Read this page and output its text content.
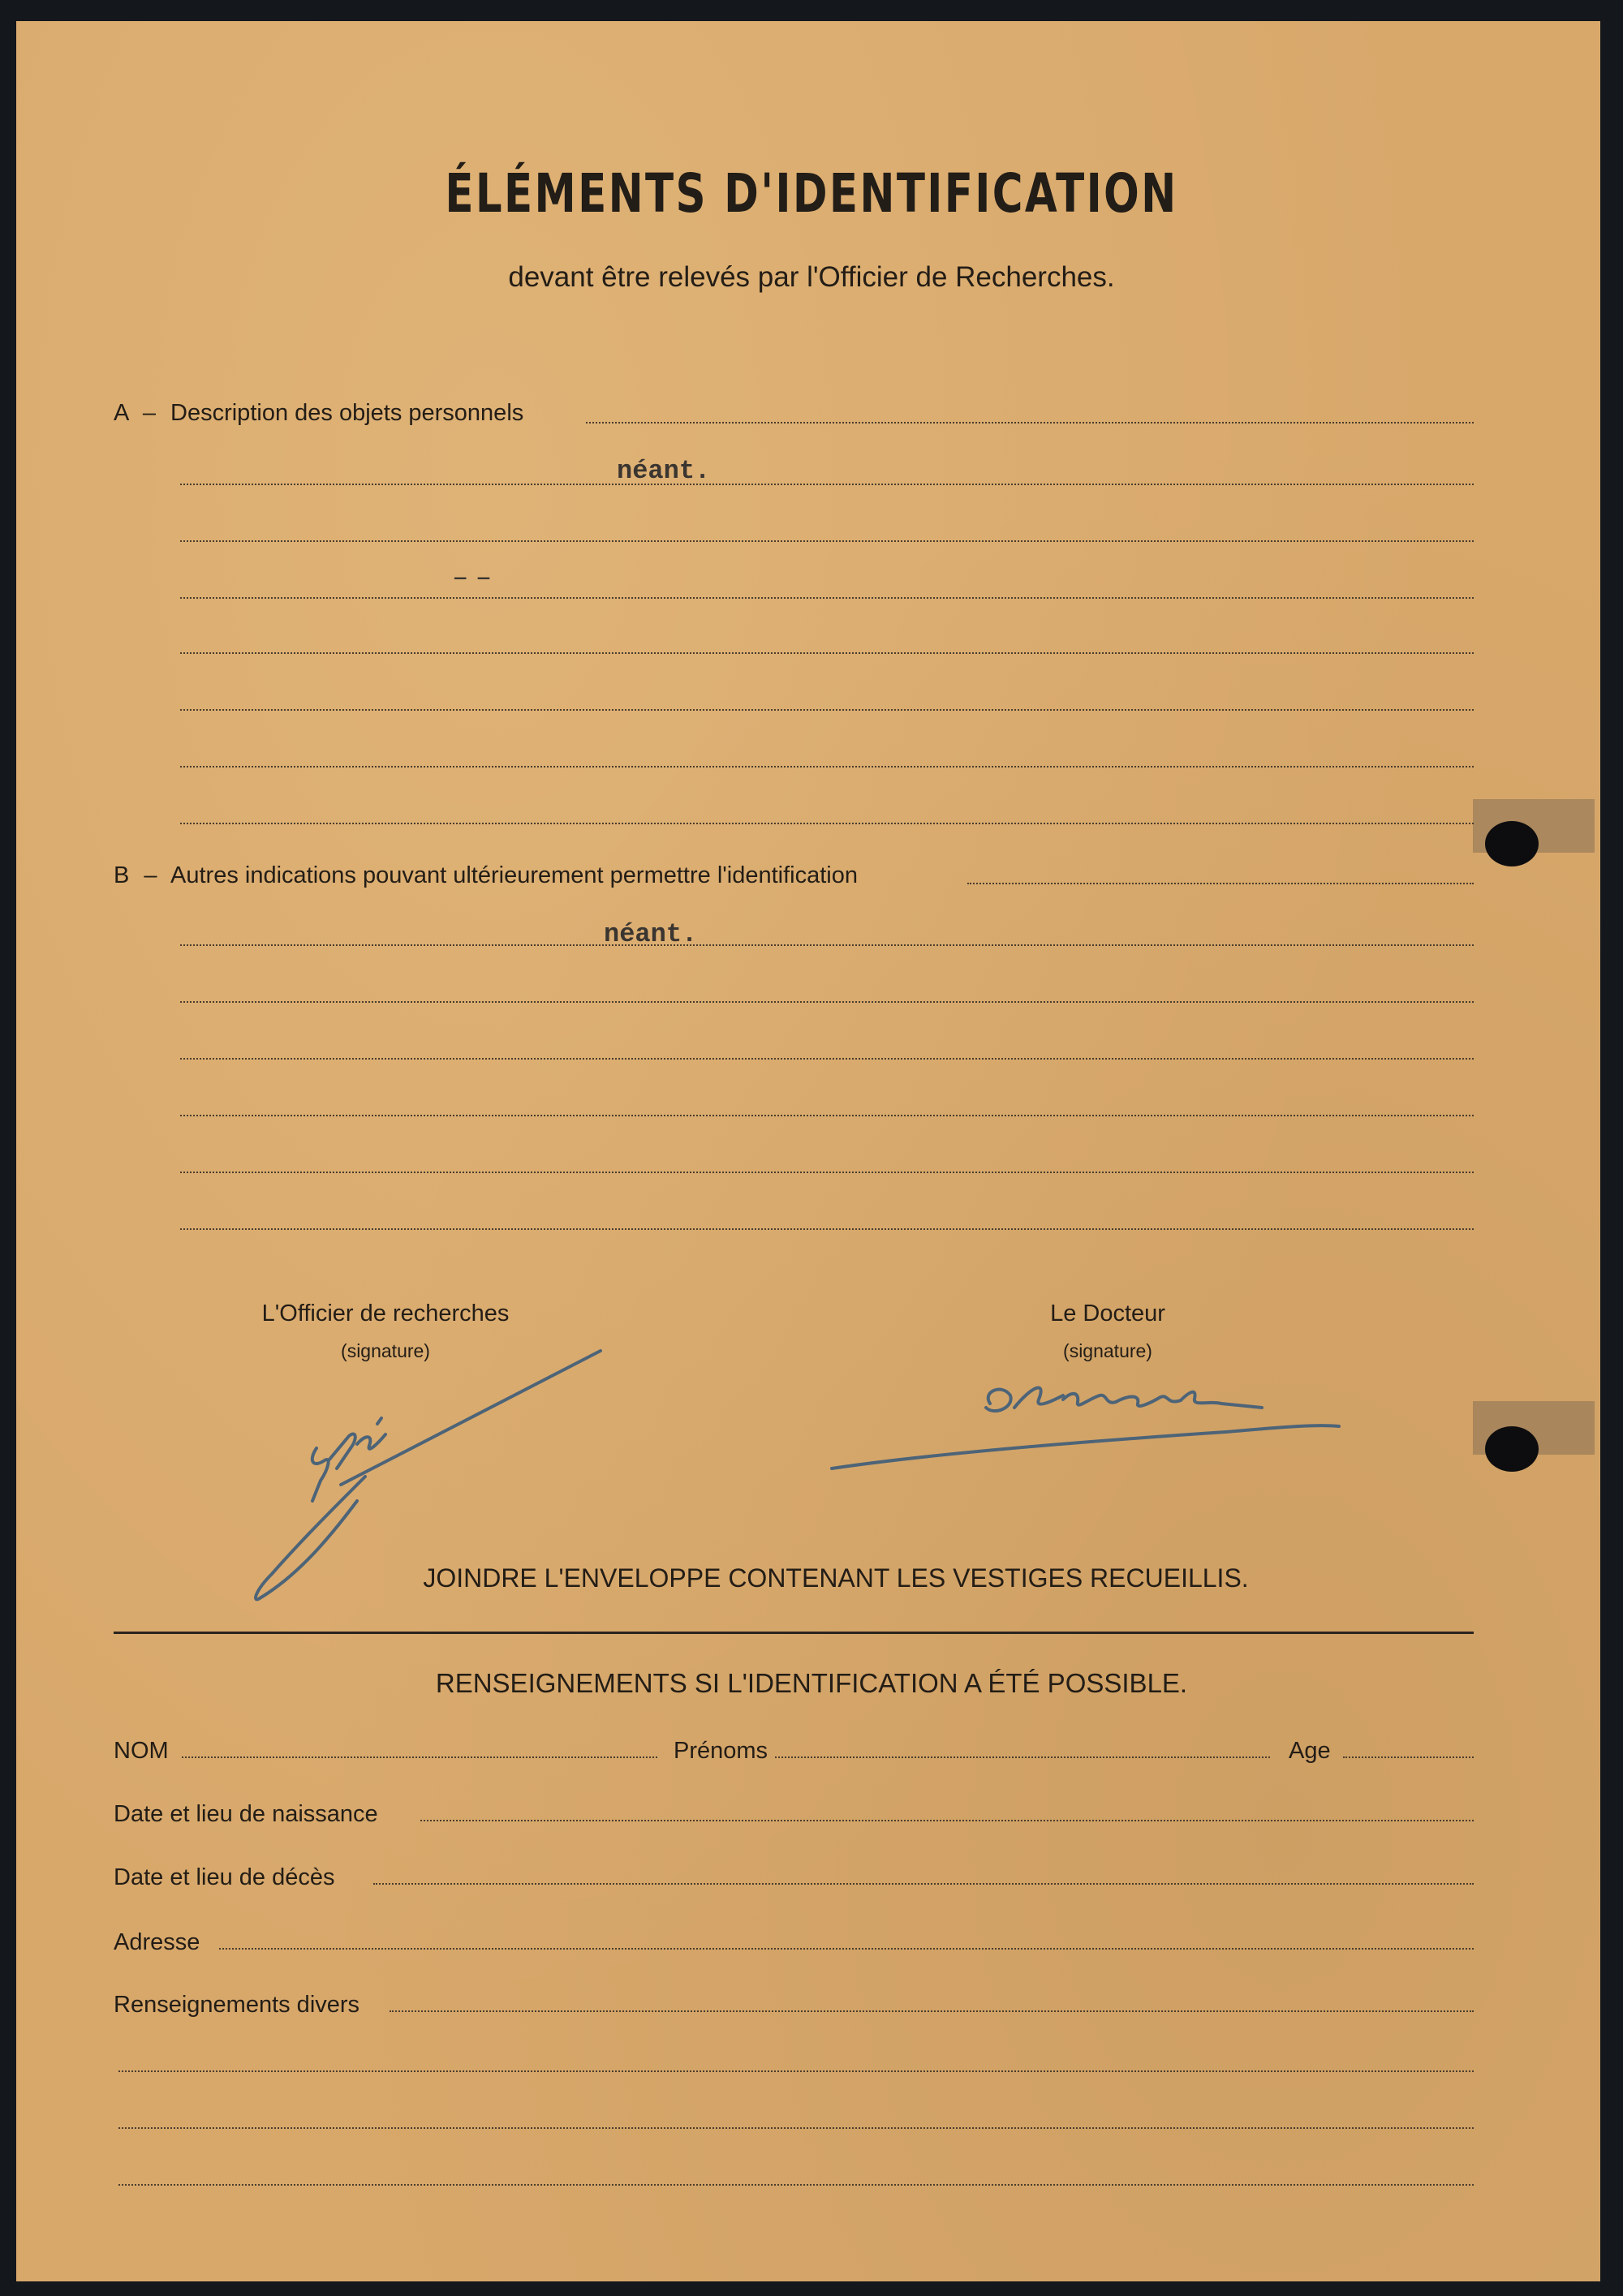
ÉLÉMENTS D'IDENTIFICATION
devant être relevés par l'Officier de Recherches.
A – Description des objets personnels
néant.
— —
B – Autres indications pouvant ultérieurement permettre l'identification
néant.
L'Officier de recherches
(signature)
Le Docteur
(signature)
JOINDRE L'ENVELOPPE CONTENANT LES VESTIGES RECUEILLIS.
RENSEIGNEMENTS SI L'IDENTIFICATION A ÉTÉ POSSIBLE.
NOM	Prénoms	Age
Date et lieu de naissance
Date et lieu de décès
Adresse
Renseignements divers
